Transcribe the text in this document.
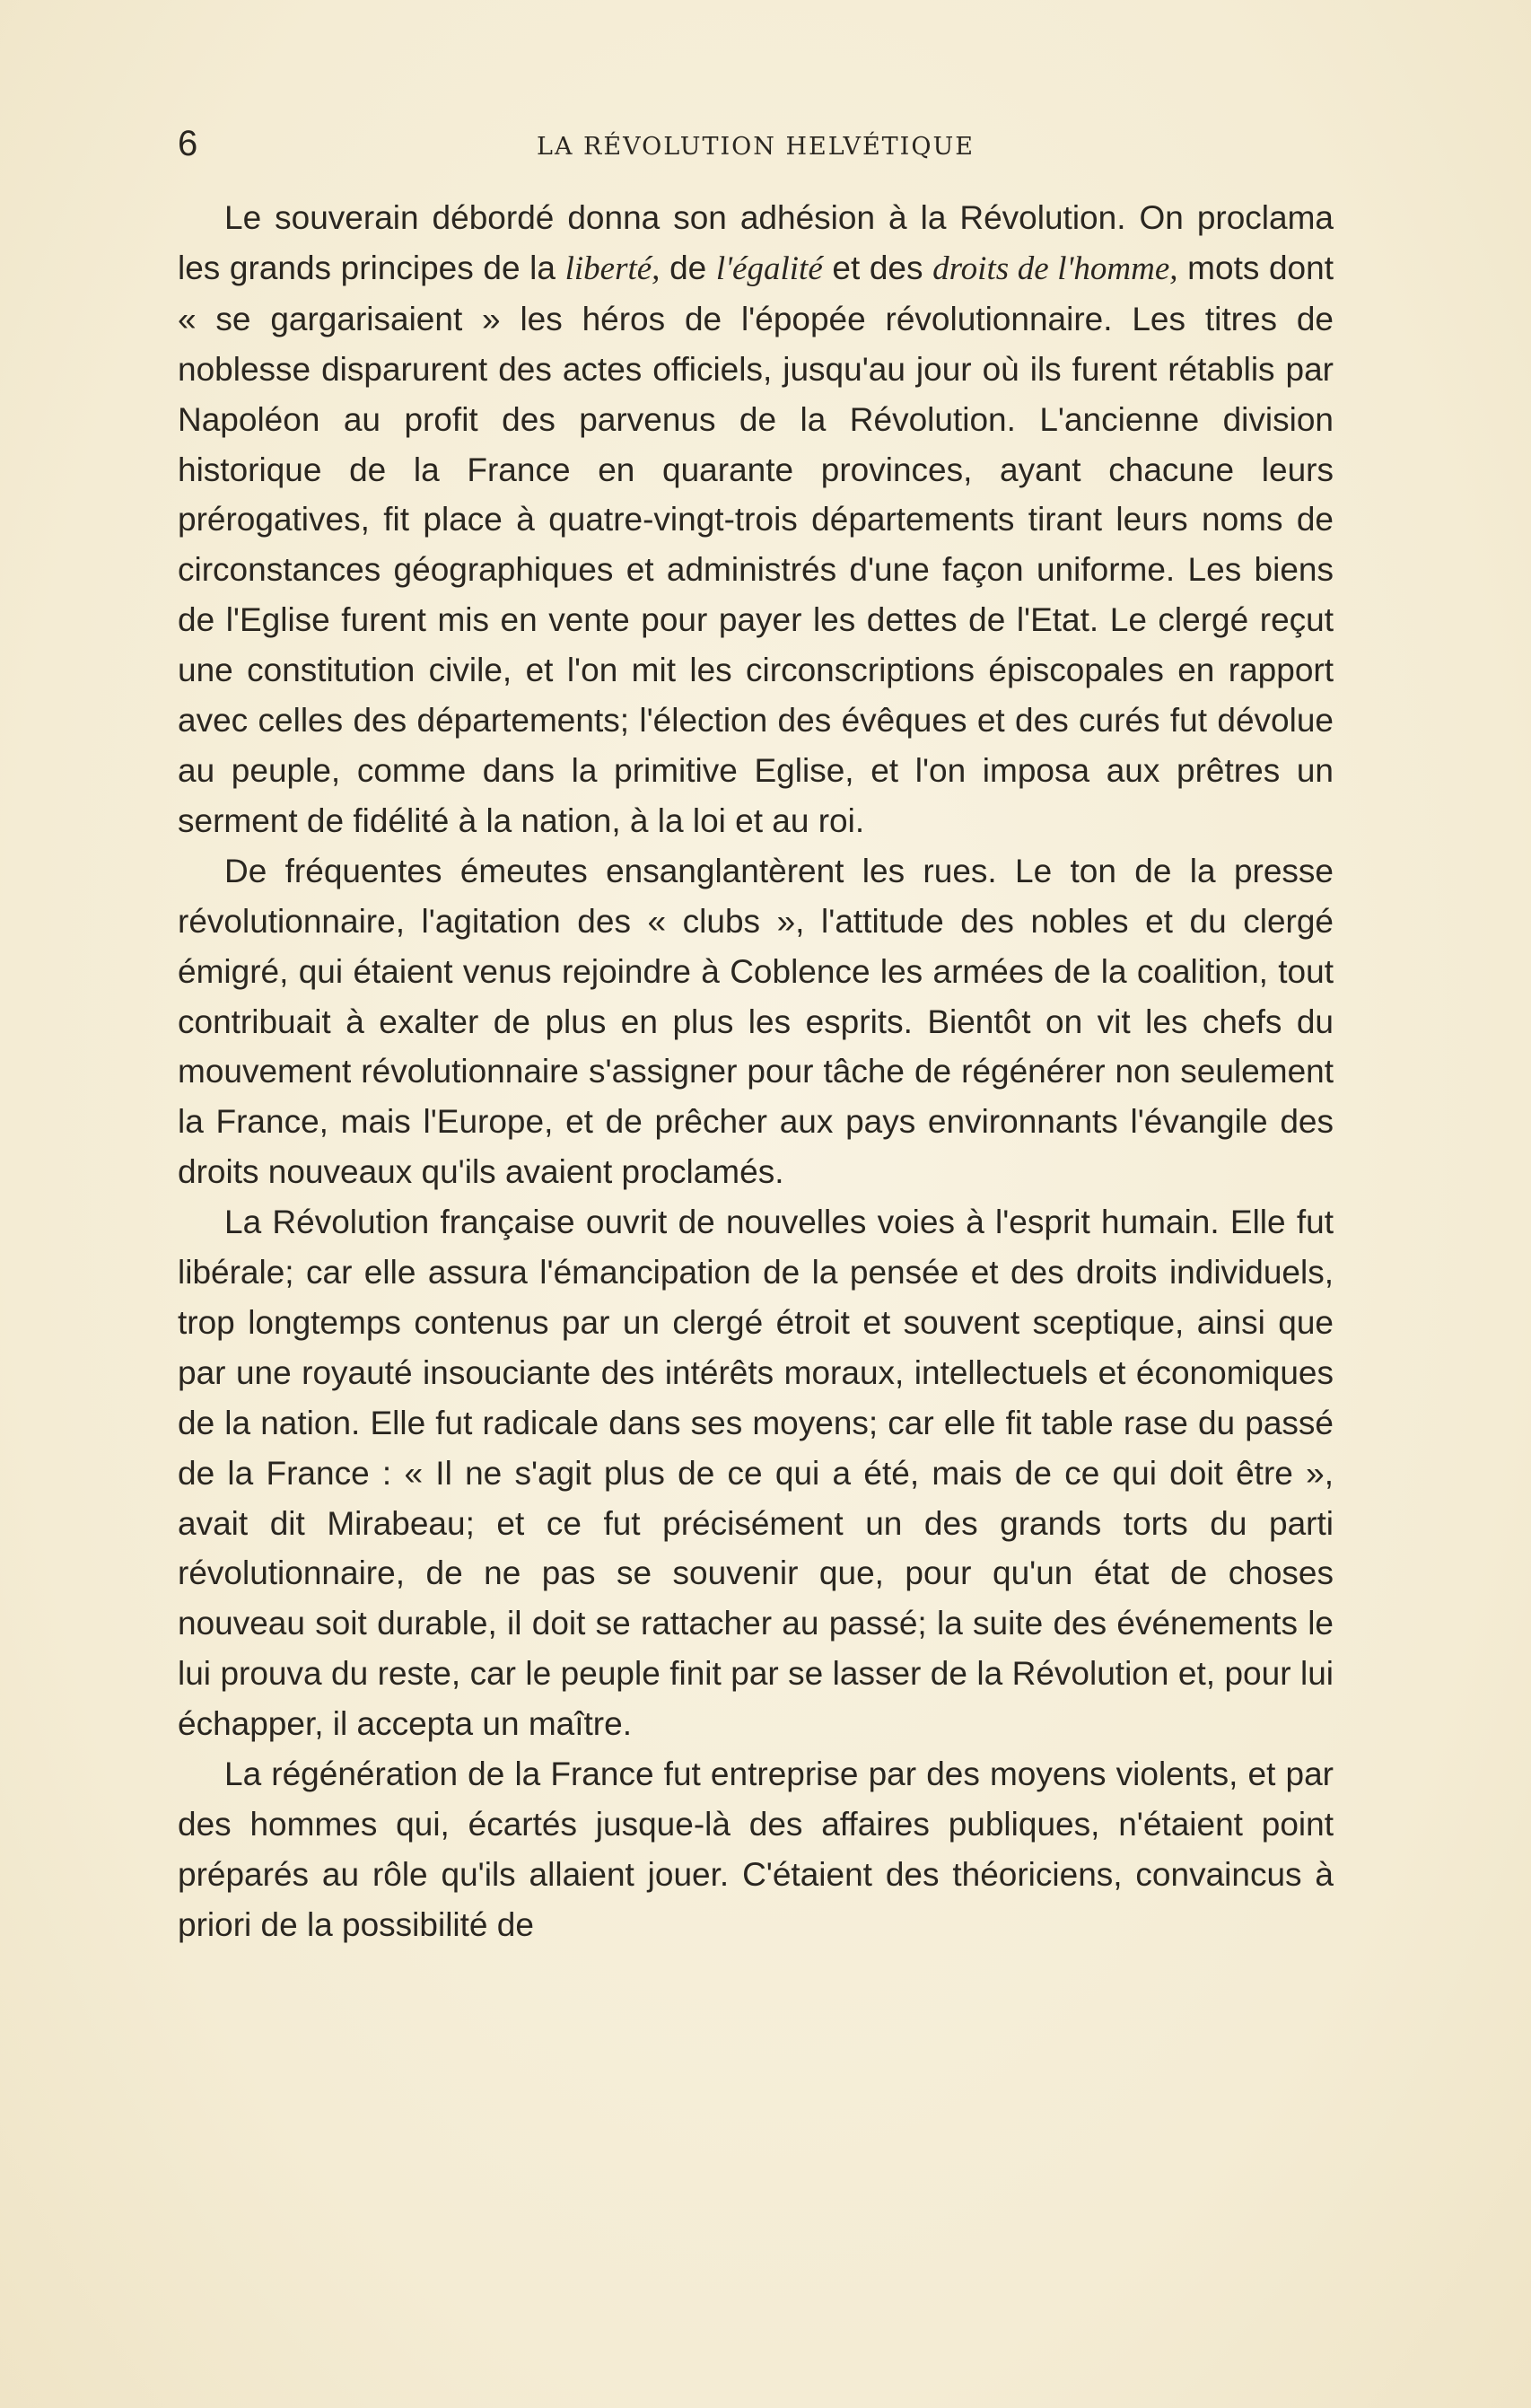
6	LA RÉVOLUTION HELVÉTIQUE

Le souverain débordé donna son adhésion à la Révolution. On proclama les grands principes de la liberté, de l'égalité et des droits de l'homme, mots dont « se gargarisaient » les héros de l'épopée révolutionnaire. Les titres de noblesse disparurent des actes officiels, jusqu'au jour où ils furent rétablis par Napoléon au profit des parvenus de la Révolution. L'ancienne division historique de la France en quarante provinces, ayant chacune leurs prérogatives, fit place à quatre-vingt-trois départements tirant leurs noms de circonstances géographiques et administrés d'une façon uniforme. Les biens de l'Eglise furent mis en vente pour payer les dettes de l'Etat. Le clergé reçut une constitution civile, et l'on mit les circonscriptions épiscopales en rapport avec celles des départements; l'élection des évêques et des curés fut dévolue au peuple, comme dans la primitive Eglise, et l'on imposa aux prêtres un serment de fidélité à la nation, à la loi et au roi.

De fréquentes émeutes ensanglantèrent les rues. Le ton de la presse révolutionnaire, l'agitation des « clubs », l'attitude des nobles et du clergé émigré, qui étaient venus rejoindre à Coblence les armées de la coalition, tout contribuait à exalter de plus en plus les esprits. Bientôt on vit les chefs du mouvement révolutionnaire s'assigner pour tâche de régénérer non seulement la France, mais l'Europe, et de prêcher aux pays environnants l'évangile des droits nouveaux qu'ils avaient proclamés.

La Révolution française ouvrit de nouvelles voies à l'esprit humain. Elle fut libérale; car elle assura l'émancipation de la pensée et des droits individuels, trop longtemps contenus par un clergé étroit et souvent sceptique, ainsi que par une royauté insouciante des intérêts moraux, intellectuels et économiques de la nation. Elle fut radicale dans ses moyens; car elle fit table rase du passé de la France : « Il ne s'agit plus de ce qui a été, mais de ce qui doit être », avait dit Mirabeau; et ce fut précisément un des grands torts du parti révolutionnaire, de ne pas se souvenir que, pour qu'un état de choses nouveau soit durable, il doit se rattacher au passé; la suite des événements le lui prouva du reste, car le peuple finit par se lasser de la Révolution et, pour lui échapper, il accepta un maître.

La régénération de la France fut entreprise par des moyens violents, et par des hommes qui, écartés jusque-là des affaires publiques, n'étaient point préparés au rôle qu'ils allaient jouer. C'étaient des théoriciens, convaincus à priori de la possibilité de
